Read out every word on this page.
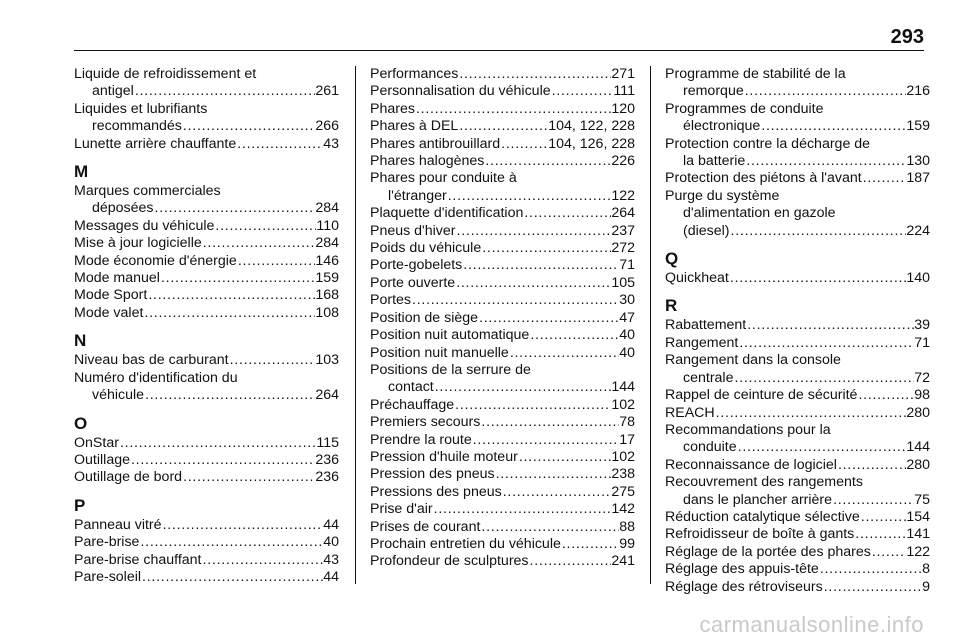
293
Liquide de refroidissement et
antigel . . .	261
Liquides et lubrifiants
recommandés . . .	266
Lunette arrière chauffante . . .	43
M
Marques commerciales
déposées . . .	284
Messages du véhicule . . .	110
Mise à jour logicielle . . .	284
Mode économie d'énergie . . .	146
Mode manuel . . .	159
Mode Sport . . .	168
Mode valet . . .	108
N
Niveau bas de carburant . . .	103
Numéro d'identification du
véhicule . . .	264
O
OnStar . . .	115
Outillage . . .	236
Outillage de bord . . .	236
P
Panneau vitré . . .	44
Pare-brise . . .	40
Pare-brise chauffant . . .	43
Pare-soleil . . .	44
Performances . . .	271
Personnalisation du véhicule . . .	111
Phares . . .	120
Phares à DEL . . .	104, 122, 228
Phares antibrouillard . . .	104, 126, 228
Phares halogènes . . .	226
Phares pour conduite à
l'étranger . . .	122
Plaquette d'identification . . .	264
Pneus d'hiver . . .	237
Poids du véhicule . . .	272
Porte-gobelets . . .	71
Porte ouverte . . .	105
Portes . . .	30
Position de siège . . .	47
Position nuit automatique . . .	40
Position nuit manuelle . . .	40
Positions de la serrure de
contact . . .	144
Préchauffage . . .	102
Premiers secours . . .	78
Prendre la route . . .	17
Pression d'huile moteur . . .	102
Pression des pneus . . .	238
Pressions des pneus . . .	275
Prise d'air . . .	142
Prises de courant . . .	88
Prochain entretien du véhicule . . .	99
Profondeur de sculptures . . .	241
Programme de stabilité de la
remorque . . .	216
Programmes de conduite
électronique . . .	159
Protection contre la décharge de
la batterie . . .	130
Protection des piétons à l'avant . . .	187
Purge du système
d'alimentation en gazole
(diesel) . . .	224
Q
Quickheat . . .	140
R
Rabattement . . .	39
Rangement . . .	71
Rangement dans la console
centrale . . .	72
Rappel de ceinture de sécurité . . .	98
REACH . . .	280
Recommandations pour la
conduite . . .	144
Reconnaissance de logiciel . . .	280
Recouvrement des rangements
dans le plancher arrière . . .	75
Réduction catalytique sélective . . .	154
Refroidisseur de boîte à gants . . .	141
Réglage de la portée des phares . . . 122
Réglage des appuis-tête . . .	8
Réglage des rétroviseurs . . .	9
carmanualsonline.info
